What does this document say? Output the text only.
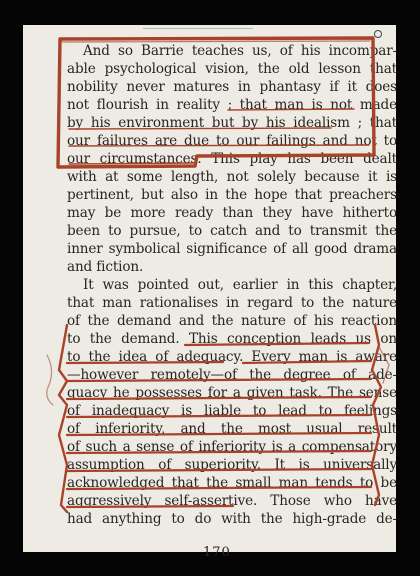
And so Barrie teaches us, of his incompar-
able psychological vision, the old lesson that
nobility never matures in phantasy if it does
not flourish in reality ; that man is not made
by his environment but by his idealism ; that
our failures are due to our failings and not to
our circumstances. This play has been dealt
with at some length, not solely because it is
pertinent, but also in the hope that preachers
may be more ready than they have hitherto
been to pursue, to catch and to transmit the
inner symbolical significance of all good drama
and fiction.
It was pointed out, earlier in this chapter,
that man rationalises in regard to the nature
of the demand and the nature of his reaction
to the demand. This conception leads us on
to the idea of adequacy. Every man is aware
—however remotely—of the degree of ade-
quacy he possesses for a given task. The sense
of inadequacy is liable to lead to feelings
of inferiority, and the most usual result
of such a sense of inferiority is a compensatory
assumption of superiority. It is universally
acknowledged that the small man tends to be
aggressively self-assertive. Those who have
had anything to do with the high-grade de-
170
